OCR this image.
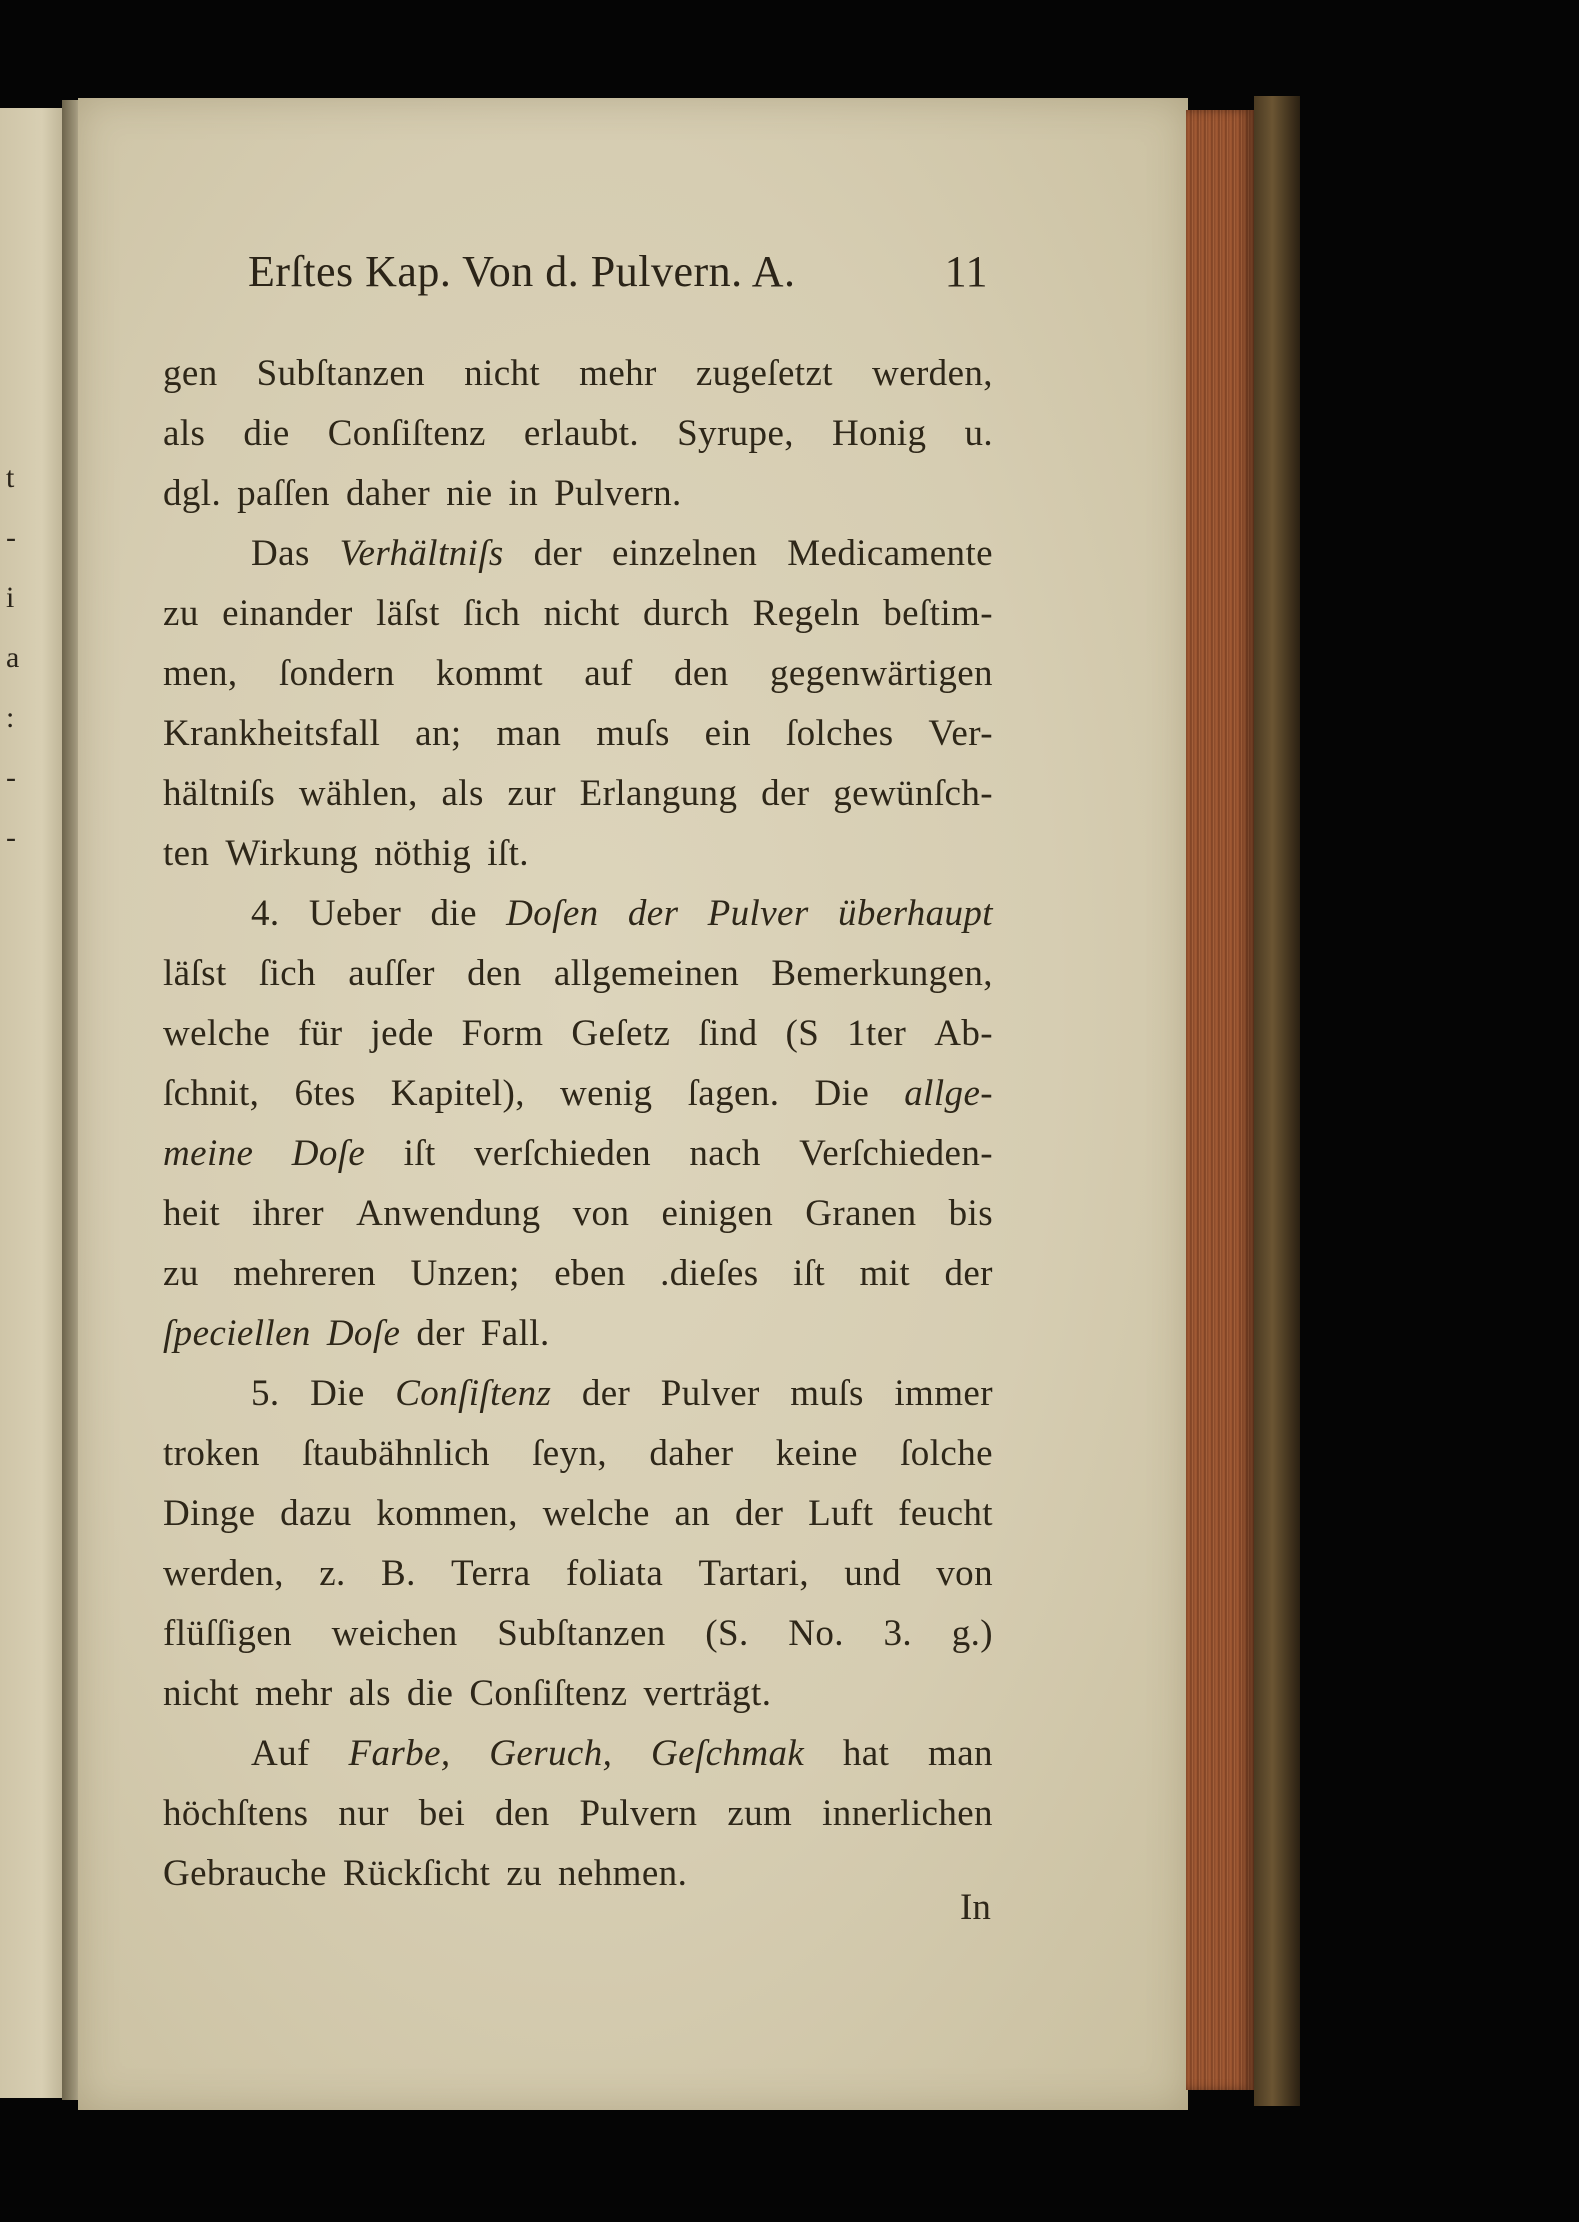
t
-
i
a
:
-
-
Erſtes Kap. Von d. Pulvern. A.	11
gen Subſtanzen nicht mehr zugeſetzt werden,
als die Conſiſtenz erlaubt. Syrupe, Honig u.
dgl. paſſen daher nie in Pulvern.
Das Verhältniſs der einzelnen Medicamente
zu einander läſst ſich nicht durch Regeln beſtim-
men, ſondern kommt auf den gegenwärtigen
Krankheitsfall an; man muſs ein ſolches Ver-
hältniſs wählen, als zur Erlangung der gewünſch-
ten Wirkung nöthig iſt.
4. Ueber die Doſen der Pulver überhaupt
läſst ſich auſſer den allgemeinen Bemerkungen,
welche für jede Form Geſetz ſind (S 1ter Ab-
ſchnit, 6tes Kapitel), wenig ſagen. Die allge-
meine Doſe iſt verſchieden nach Verſchieden-
heit ihrer Anwendung von einigen Granen bis
zu mehreren Unzen; eben .dieſes iſt mit der
ſpeciellen Doſe der Fall.
5. Die Conſiſtenz der Pulver muſs immer
troken ſtaubähnlich ſeyn, daher keine ſolche
Dinge dazu kommen, welche an der Luft feucht
werden, z. B. Terra foliata Tartari, und von
flüſſigen weichen Subſtanzen (S. No. 3. g.)
nicht mehr als die Conſiſtenz verträgt.
Auf Farbe, Geruch, Geſchmak hat man
höchſtens nur bei den Pulvern zum innerlichen
Gebrauche Rückſicht zu nehmen.
In
